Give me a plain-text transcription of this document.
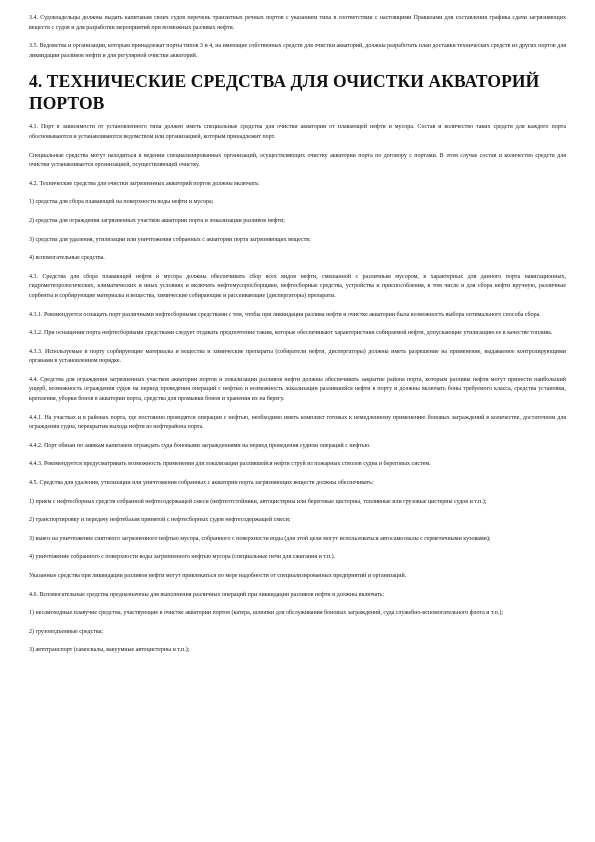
3.4. Судовладельцы должны выдать капитанам своих судов перечень транзитных речных портов с указанием типа в соответствии с настоящими Правилами для составления графика сдачи загрязняющих веществ с судов и для разработки мероприятий при возможных разливах нефти.

3.5. Ведомства и организации, которым принадлежат порты типов 3 и 4, на имеющие собственных средств для очистки акваторий, должны разработать план доставки технических средств из других портов для ликвидации разливов нефти и для регулярной очистки акваторий.

4. ТЕХНИЧЕСКИЕ СРЕДСТВА ДЛЯ ОЧИСТКИ АКВАТОРИЙ ПОРТОВ

4.1. Порт в зависимости от установленного типа должен иметь специальные средства для очистки акватории от плавающей нефти и мусора. Состав и количество таких средств для каждого порта обосновываются и устанавливаются ведомством или организацией, которым принадлежит порт.

Специальные средства могут находиться в ведении специализированных организаций, осуществляющих очистку акватории порта по договору с портами. В этом случае состав и количество средств для очистки устанавливается организацией, осуществляющей очистку.

4.2. Технические средства для очистки загрязненных акваторий портов должны включать:

1) средства для сбора плавающей на поверхности воды нефти и мусора;

2) средства для ограждения загрязненных участков акватории порта и локализации разливов нефти;

3) средства для удаления, утилизации или уничтожения собранных с акватории порта загрязняющих веществ;

4) вспомогательные средства.

4.3. Средства для сбора плавающей нефти и мусора должны обеспечивать сбор всех видов нефти, смешанной с различным мусором, в характерных для данного порта навигационных, гидрометеорологических, климатических и иных условиях и включать нефтемусоросборщики, нефтесборные средства, устройства и приспособления, в том числе и для сбора нефти вручную, различные сорбенты и сорбирующие материалы и вещества, химические собирающие и рассеивающие (диспергаторы) препараты.

4.3.1. Рекомендуется оснащать порт различными нефтесборными средствами с тем, чтобы при ликвидации разлива нефти и очистке акватории была возможность выбора оптимального способа сбора.

4.3.2. При оснащении порта нефтесборными средствами следует отдавать предпочтение таким, которые обеспечивают характеристики собираемой нефти, допускающие утилизацию ее в качестве топлива.

4.3.3. Используемые в порту сорбирующие материалы и вещества и химические препараты (собиратели нефти, диспергаторы) должны иметь разрешение на применение, выдаваемое контролирующими органами в установленном порядке.

4.4. Средства для ограждения загрязненных участков акватории портов и локализации разливов нефти должны обеспечивать закрытие района порта, которым разливы нефти могут принести наибольший ущерб, возможность ограждения судов на период проведения операций с нефтью и возможность локализации разлившейся нефти в порту и должны включать боны требуемого класса, средства установки, крепления, уборки бонов в акватории порта, средства для промывки бонов и хранения их на берегу.

4.4.1. На участках и в районах порта, где постоянно проводятся операции с нефтью, необходимо иметь комплект готовых к немедленному применению боновых заграждений в количестве, достаточном для ограждения судна, перекрытия выхода нефти из нефтерайона порта.

4.4.2. Порт обязан по заявкам капитанов ограждать суда боновыми заграждениями на период проведения судном операций с нефтью.

4.4.3. Рекомендуется предусматривать возможность применения для локализации разлившейся нефти струй из пожарных стволов судна и береговых систем.

4.5. Средства для удаления, утилизации или уничтожения собранных с акватории порта загрязняющих веществ должны обеспечивать:

1) прием с нефтесборных средств собранной нефтесодержащей смеси (нефтеотстойники, автоцистерны или береговые цистерны, топливные или грузовые цистерны судов и т.п.);

2) транспортировку и передачу нефтебазам принятой с нефтесборных судов нефтесодержащей смеси;

3) вывоз на уничтожение снятового загрязненного нефтью мусора, собранного с поверхности воды (для этой цели могут использоваться автосамосвалы с герметичными кузовами);

4) уничтожение собранного с поверхности воды загрязненного нефтью мусора (специальные печи для сжигания и т.п.).

Указанные средства при ликвидации разливов нефти могут привлекаться по мере надобности от специализированных предприятий и организаций.

4.6. Вспомогательные средства предназначены для выполнения различных операций при ликвидации разливов нефти и должны включать:

1) несамоходные плавучие средства, участвующие в очистке акватории портов (катера, шлюпки для обслуживания боновых заграждений, суда служебно-вспомогательного флота и т.п.);

2) грузоподъемные средства;

3) автотранспорт (самосвалы, вакуумные автоцистерны и т.п.);
